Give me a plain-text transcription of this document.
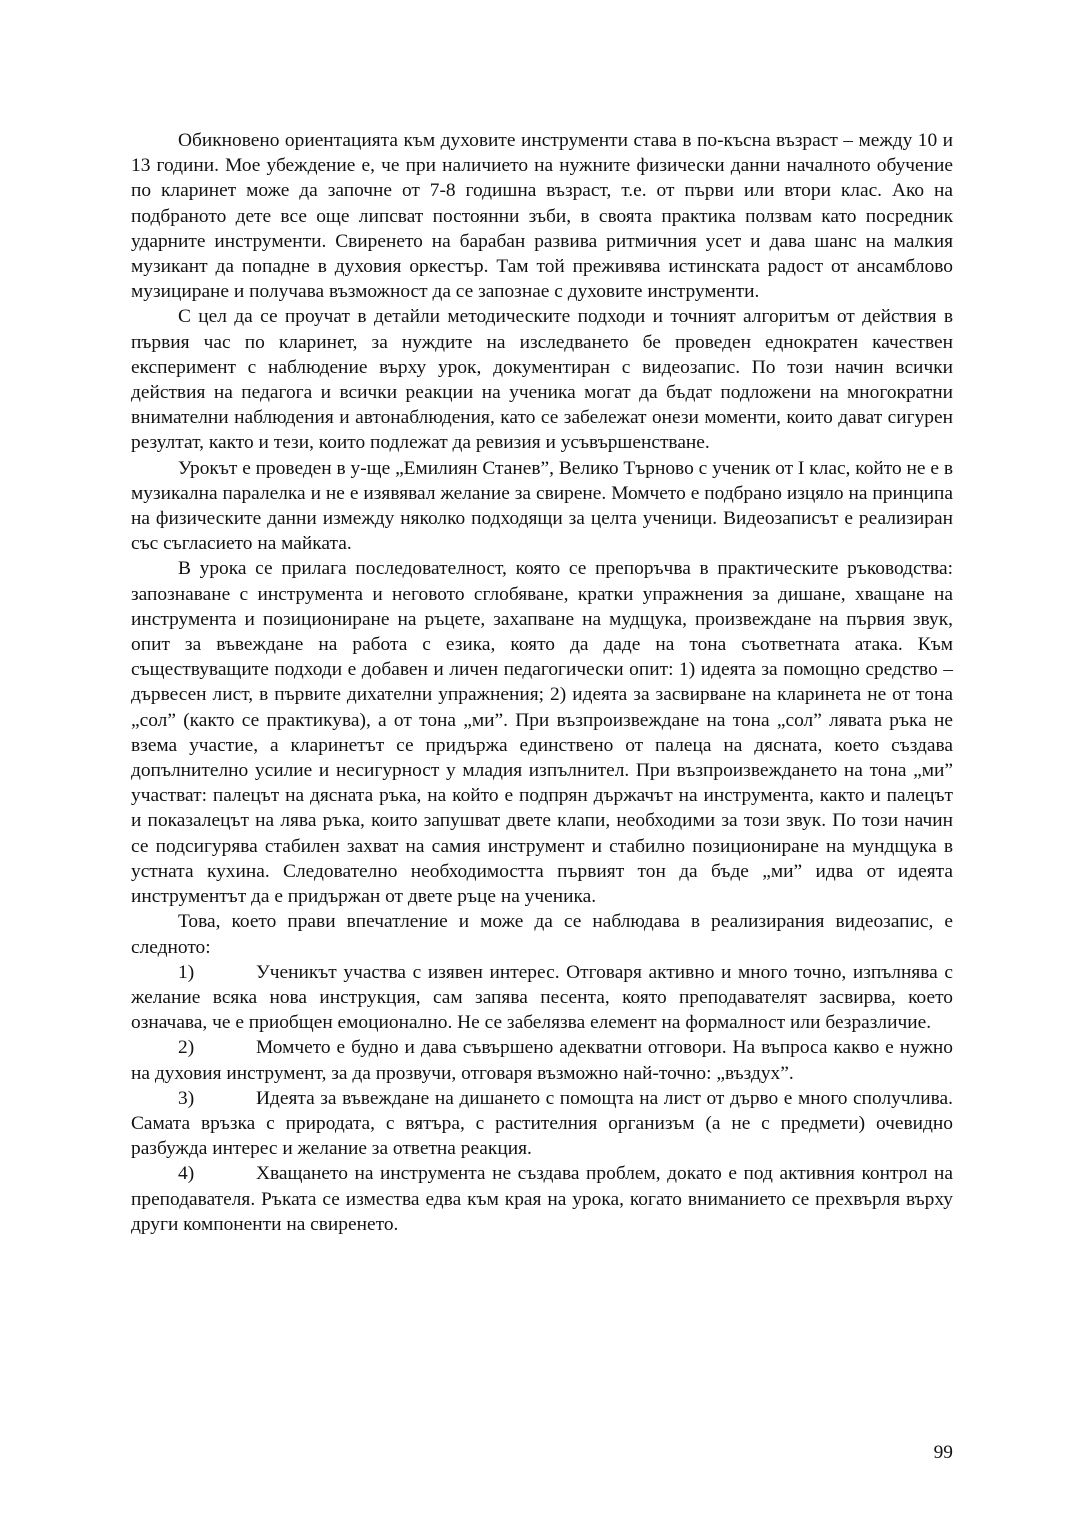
Обикновено ориентацията към духовите инструменти става в по-късна възраст – между 10 и 13 години. Мое убеждение е, че при наличието на нужните физически данни началното обучение по кларинет може да започне от 7-8 годишна възраст, т.е. от първи или втори клас. Ако на подбраното дете все още липсват постоянни зъби, в своята практика ползвам като посредник ударните инструменти. Свиренето на барабан развива ритмичния усет и дава шанс на малкия музикант да попадне в духовия оркестър. Там той преживява истинската радост от ансамблово музициране и получава възможност да се запознае с духовите инструменти.

С цел да се проучат в детайли методическите подходи и точният алгоритъм от действия в първия час по кларинет, за нуждите на изследването бе проведен еднократен качествен експеримент с наблюдение върху урок, документиран с видеозапис. По този начин всички действия на педагога и всички реакции на ученика могат да бъдат подложени на многократни внимателни наблюдения и автонаблюдения, като се забележат онези моменти, които дават сигурен резултат, както и тези, които подлежат да ревизия и усъвършенстване.

Урокът е проведен в у-ще „Емилиян Станев”, Велико Търново с ученик от I клас, който не е в музикална паралелка и не е изявявал желание за свирене. Момчето е подбрано изцяло на принципа на физическите данни измежду няколко подходящи за целта ученици. Видеозаписът е реализиран със съгласието на майката.

В урока се прилага последователност, която се препоръчва в практическите ръководства: запознаване с инструмента и неговото сглобяване, кратки упражнения за дишане, хващане на инструмента и позициониране на ръцете, захапване на мудщука, произвеждане на първия звук, опит за въвеждане на работа с езика, която да даде на тона съответната атака. Към съществуващите подходи е добавен и личен педагогически опит: 1) идеята за помощно средство – дървесен лист, в първите дихателни упражнения; 2) идеята за засвирване на кларинета не от тона „сол” (както се практикува), а от тона „ми”. При възпроизвеждане на тона „сол” лявата ръка не взема участие, а кларинетът се придържа единствено от палеца на дясната, което създава допълнително усилие и несигурност у младия изпълнител. При възпроизвеждането на тона „ми” участват: палецът на дясната ръка, на който е подпрян държачът на инструмента, както и палецът и показалецът на лява ръка, които запушват двете клапи, необходими за този звук. По този начин се подсигурява стабилен захват на самия инструмент и стабилно позициониране на мундщука в устната кухина. Следователно необходимостта първият тон да бъде „ми” идва от идеята инструментът да е придържан от двете ръце на ученика.

Това, което прави впечатление и може да се наблюдава в реализирания видеозапис, е следното:

1)	Ученикът участва с изявен интерес. Отговаря активно и много точно, изпълнява с желание всяка нова инструкция, сам запява песента, която преподавателят засвирва, което означава, че е приобщен емоционално. Не се забелязва елемент на формалност или безразличие.

2)	Момчето е будно и дава съвършено адекватни отговори. На въпроса какво е нужно на духовия инструмент, за да прозвучи, отговаря възможно най-точно: „въздух”.

3)	Идеята за въвеждане на дишането с помощта на лист от дърво е много сполучлива. Самата връзка с природата, с вятъра, с растителния организъм (а не с предмети) очевидно разбужда интерес и желание за ответна реакция.

4)	Хващането на инструмента не създава проблем, докато е под активния контрол на преподавателя. Ръката се измества едва към края на урока, когато вниманието се прехвърля върху други компоненти на свиренето.

99
